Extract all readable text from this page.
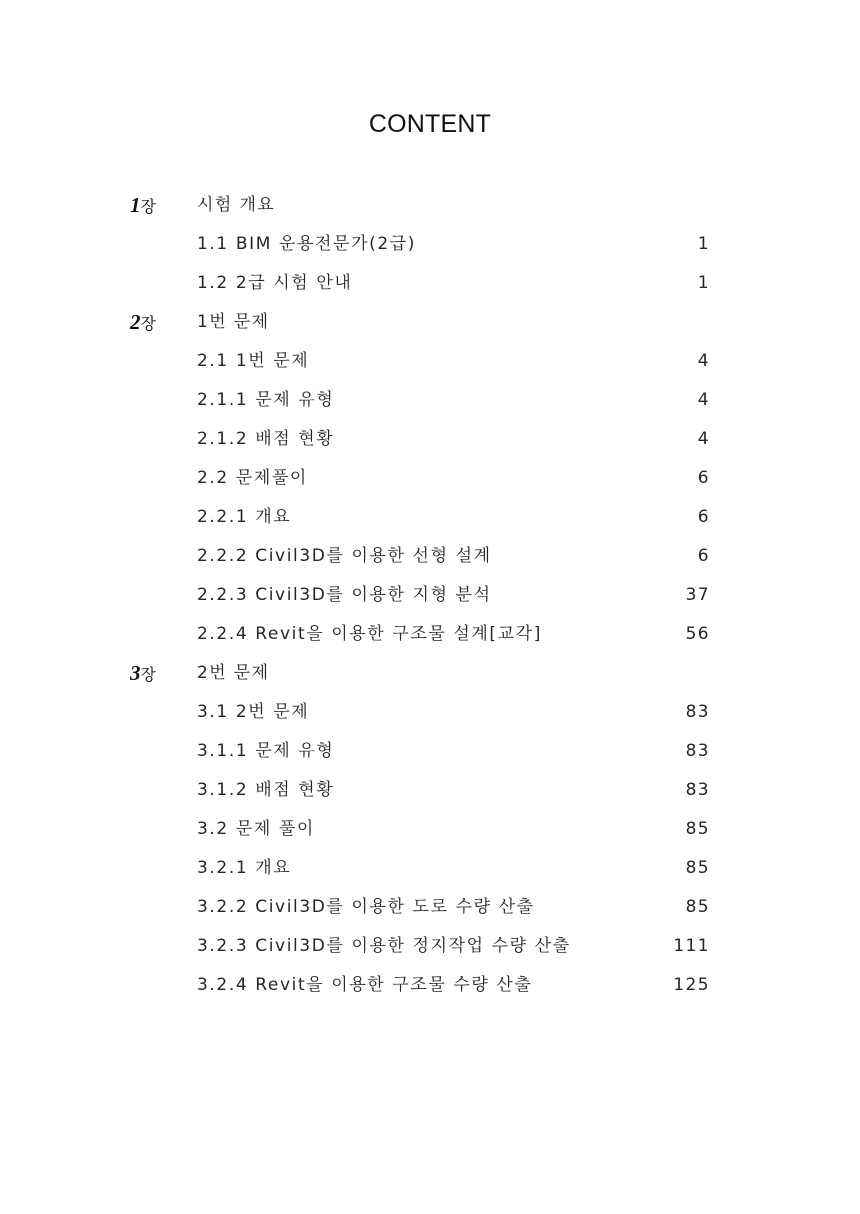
CONTENT
1장	시험 개요
1.1 BIM 운용전문가(2급)	1
1.2 2급 시험 안내	1
2장	1번 문제
2.1 1번 문제	4
2.1.1 문제 유형	4
2.1.2 배점 현황	4
2.2 문제풀이	6
2.2.1 개요	6
2.2.2 Civil3D를 이용한 선형 설계	6
2.2.3 Civil3D를 이용한 지형 분석	37
2.2.4 Revit을 이용한 구조물 설계[교각]	56
3장	2번 문제
3.1 2번 문제	83
3.1.1 문제 유형	83
3.1.2 배점 현황	83
3.2 문제 풀이	85
3.2.1 개요	85
3.2.2 Civil3D를 이용한 도로 수량 산출	85
3.2.3 Civil3D를 이용한 정지작업 수량 산출	111
3.2.4 Revit을 이용한 구조물 수량 산출	125
